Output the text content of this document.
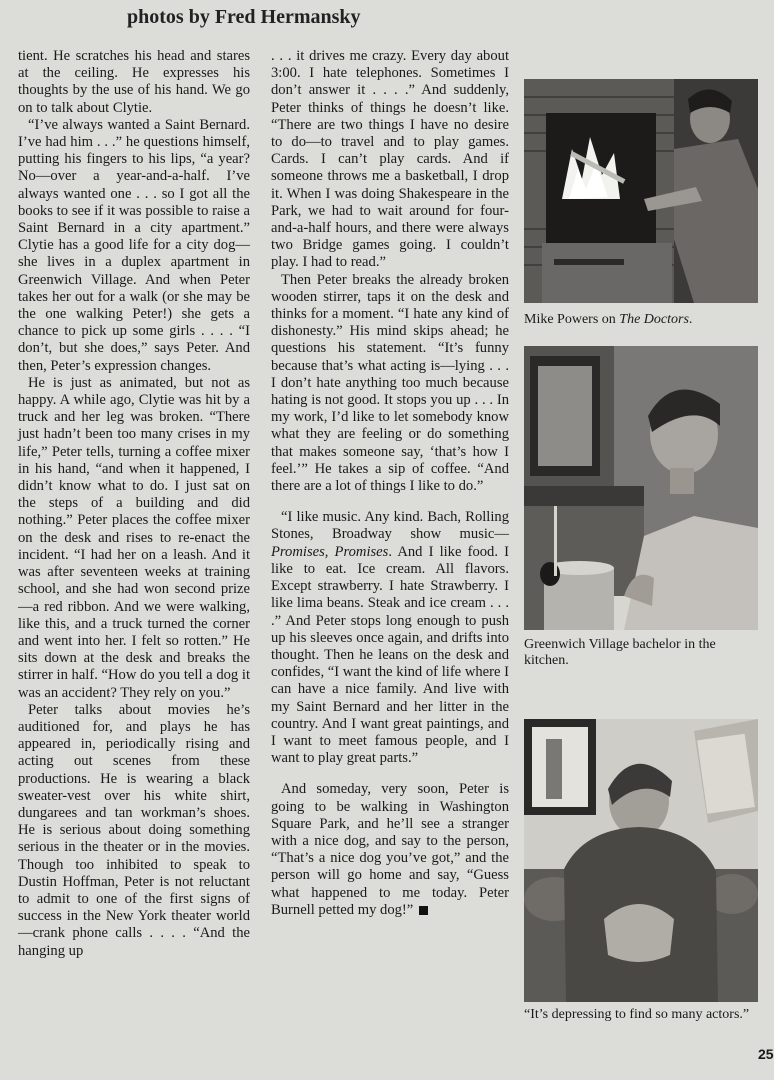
photos by Fred Hermansky

tient. He scratches his head and stares at the ceiling. He expresses his thoughts by the use of his hand. We go on to talk about Clytie.

“I’ve always wanted a Saint Bernard. I’ve had him . . .” he questions himself, putting his fingers to his lips, “a year? No—over a year-and-a-half. I’ve always wanted one . . . so I got all the books to see if it was possible to raise a Saint Bernard in a city apartment.” Clytie has a good life for a city dog—she lives in a duplex apartment in Greenwich Village. And when Peter takes her out for a walk (or she may be the one walking Peter!) she gets a chance to pick up some girls . . . . “I don’t, but she does,” says Peter. And then, Peter’s expression changes.

He is just as animated, but not as happy. A while ago, Clytie was hit by a truck and her leg was broken. “There just hadn’t been too many crises in my life,” Peter tells, turning a coffee mixer in his hand, “and when it happened, I didn’t know what to do. I just sat on the steps of a building and did nothing.” Peter places the coffee mixer on the desk and rises to re-enact the incident. “I had her on a leash. And it was after seventeen weeks at training school, and she had won second prize—a red ribbon. And we were walking, like this, and a truck turned the corner and went into her. I felt so rotten.” He sits down at the desk and breaks the stirrer in half. “How do you tell a dog it was an accident? They rely on you.”

Peter talks about movies he’s auditioned for, and plays he has appeared in, periodically rising and acting out scenes from these productions. He is wearing a black sweater-vest over his white shirt, dungarees and tan workman’s shoes. He is serious about doing something serious in the theater or in the movies. Though too inhibited to speak to Dustin Hoffman, Peter is not reluctant to admit to one of the first signs of success in the New York theater world—crank phone calls . . . . “And the hanging up

. . . it drives me crazy. Every day about 3:00. I hate telephones. Sometimes I don’t answer it . . . .” And suddenly, Peter thinks of things he doesn’t like. “There are two things I have no desire to do—to travel and to play games. Cards. I can’t play cards. And if someone throws me a basketball, I drop it. When I was doing Shakespeare in the Park, we had to wait around for four-and-a-half hours, and there were always two Bridge games going. I couldn’t play. I had to read.”

Then Peter breaks the already broken wooden stirrer, taps it on the desk and thinks for a moment. “I hate any kind of dishonesty.” His mind skips ahead; he questions his statement. “It’s funny because that’s what acting is—lying . . . I don’t hate anything too much because hating is not good. It stops you up . . . In my work, I’d like to let somebody know what they are feeling or do something that makes someone say, ‘that’s how I feel.’” He takes a sip of coffee. “And there are a lot of things I like to do.”

“I like music. Any kind. Bach, Rolling Stones, Broadway show music—Promises, Promises. And I like food. I like to eat. Ice cream. All flavors. Except strawberry. I hate Strawberry. I like lima beans. Steak and ice cream . . . .” And Peter stops long enough to push up his sleeves once again, and drifts into thought. Then he leans on the desk and confides, “I want the kind of life where I can have a nice family. And live with my Saint Bernard and her litter in the country. And I want great paintings, and I want to meet famous people, and I want to play great parts.”

And someday, very soon, Peter is going to be walking in Washington Square Park, and he’ll see a stranger with a nice dog, and say to the person, “That’s a nice dog you’ve got,” and the person will go home and say, “Guess what happened to me today. Peter Burnell petted my dog!”

Mike Powers on The Doctors.
Greenwich Village bachelor in the kitchen.
“It’s depressing to find so many actors.”
25
